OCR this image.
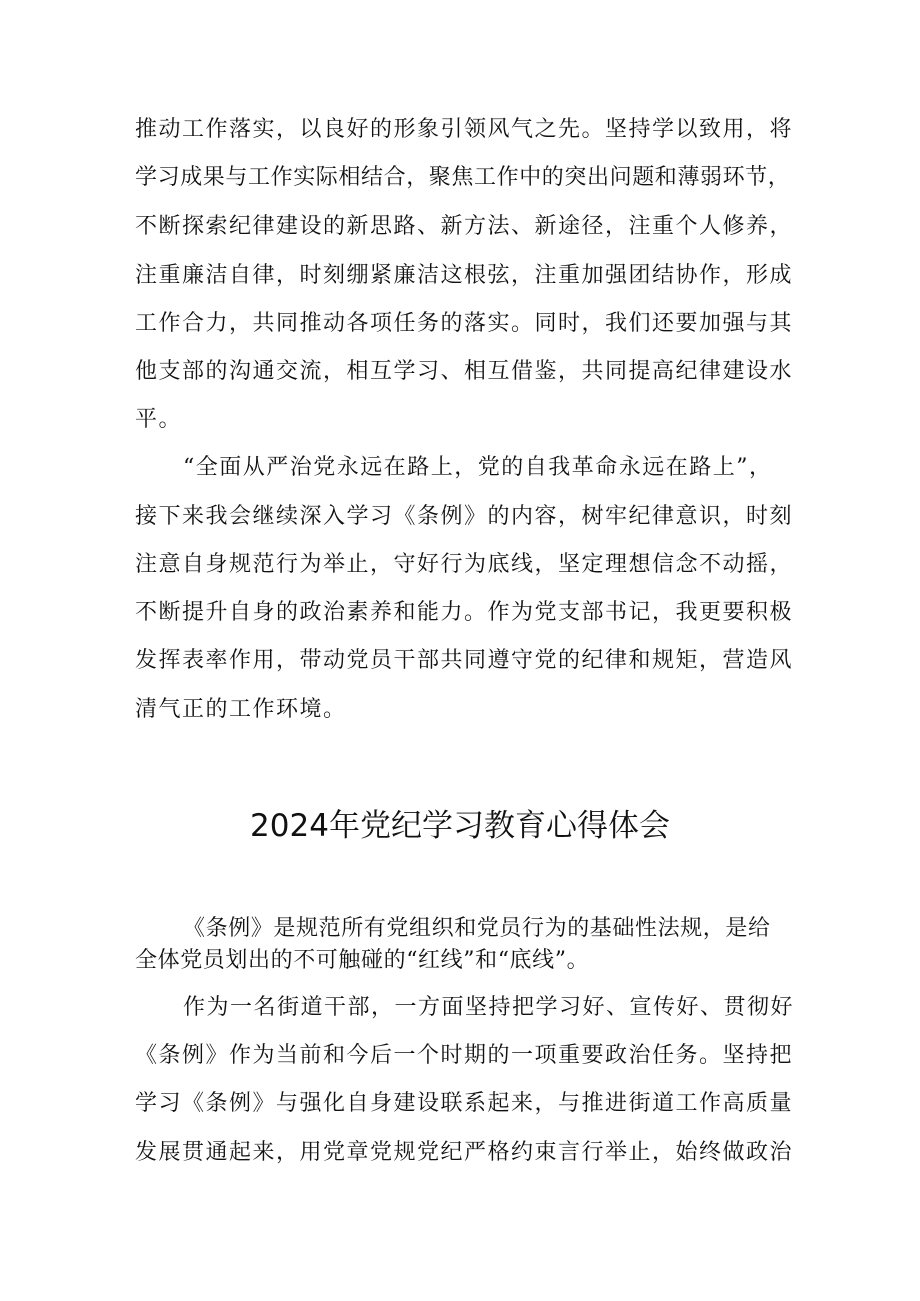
推动工作落实，以良好的形象引领风气之先。坚持学以致用，将
学习成果与工作实际相结合，聚焦工作中的突出问题和薄弱环节，
不断探索纪律建设的新思路、新方法、新途径，注重个人修养，
注重廉洁自律，时刻绷紧廉洁这根弦，注重加强团结协作，形成
工作合力，共同推动各项任务的落实。同时，我们还要加强与其
他支部的沟通交流，相互学习、相互借鉴，共同提高纪律建设水
平。
“全面从严治党永远在路上，党的自我革命永远在路上”，
接下来我会继续深入学习《条例》的内容，树牢纪律意识，时刻
注意自身规范行为举止，守好行为底线，坚定理想信念不动摇，
不断提升自身的政治素养和能力。作为党支部书记，我更要积极
发挥表率作用，带动党员干部共同遵守党的纪律和规矩，营造风
清气正的工作环境。
2024年党纪学习教育心得体会
《条例》是规范所有党组织和党员行为的基础性法规，是给
全体党员划出的不可触碰的“红线”和“底线”。
作为一名街道干部，一方面坚持把学习好、宣传好、贯彻好
《条例》作为当前和今后一个时期的一项重要政治任务。坚持把
学习《条例》与强化自身建设联系起来，与推进街道工作高质量
发展贯通起来，用党章党规党纪严格约束言行举止，始终做政治
